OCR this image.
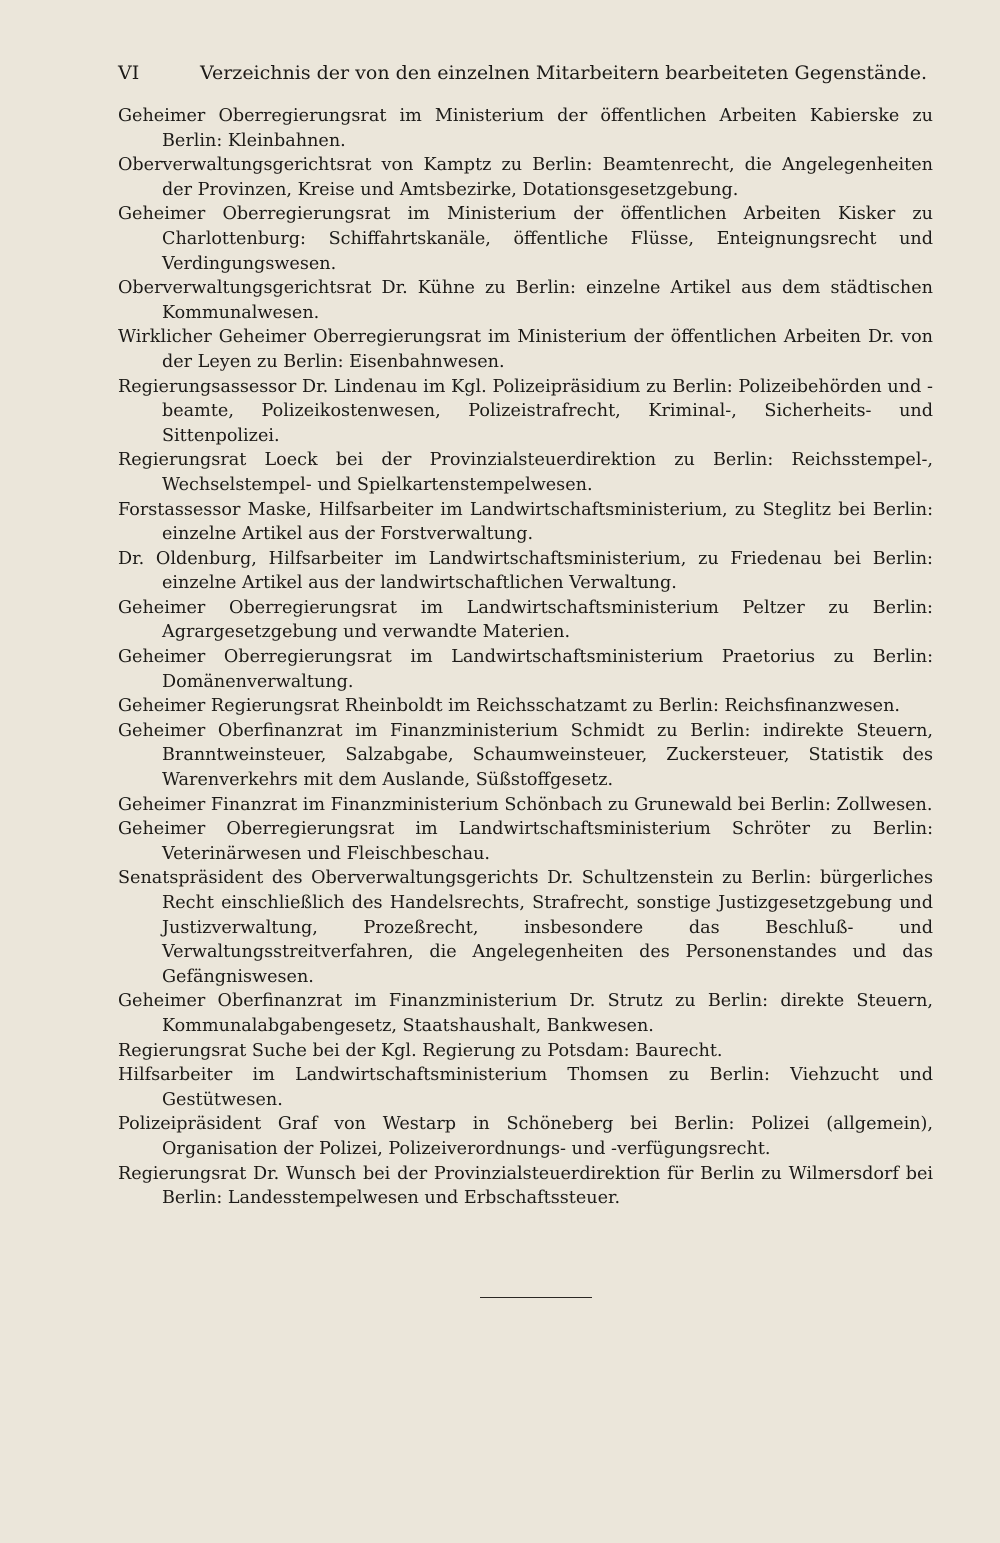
VI	Verzeichnis der von den einzelnen Mitarbeitern bearbeiteten Gegenstände.

Geheimer Oberregierungsrat im Ministerium der öffentlichen Arbeiten Kabierske zu Berlin: Kleinbahnen.

Oberverwaltungsgerichtsrat von Kamptz zu Berlin: Beamtenrecht, die Angelegenheiten der Provinzen, Kreise und Amtsbezirke, Dotationsgesetzgebung.

Geheimer Oberregierungsrat im Ministerium der öffentlichen Arbeiten Kisker zu Charlottenburg: Schiffahrtskanäle, öffentliche Flüsse, Enteignungsrecht und Verdingungswesen.

Oberverwaltungsgerichtsrat Dr. Kühne zu Berlin: einzelne Artikel aus dem städtischen Kommunalwesen.

Wirklicher Geheimer Oberregierungsrat im Ministerium der öffentlichen Arbeiten Dr. von der Leyen zu Berlin: Eisenbahnwesen.

Regierungsassessor Dr. Lindenau im Kgl. Polizeipräsidium zu Berlin: Polizeibehörden und -beamte, Polizeikostenwesen, Polizeistrafrecht, Kriminal-, Sicherheits- und Sittenpolizei.

Regierungsrat Loeck bei der Provinzialsteuerdirektion zu Berlin: Reichsstempel-, Wechselstempel- und Spielkartenstempelwesen.

Forstassessor Maske, Hilfsarbeiter im Landwirtschaftsministerium, zu Steglitz bei Berlin: einzelne Artikel aus der Forstverwaltung.

Dr. Oldenburg, Hilfsarbeiter im Landwirtschaftsministerium, zu Friedenau bei Berlin: einzelne Artikel aus der landwirtschaftlichen Verwaltung.

Geheimer Oberregierungsrat im Landwirtschaftsministerium Peltzer zu Berlin: Agrargesetzgebung und verwandte Materien.

Geheimer Oberregierungsrat im Landwirtschaftsministerium Praetorius zu Berlin: Domänenverwaltung.

Geheimer Regierungsrat Rheinboldt im Reichsschatzamt zu Berlin: Reichsfinanzwesen.

Geheimer Oberfinanzrat im Finanzministerium Schmidt zu Berlin: indirekte Steuern, Branntweinsteuer, Salzabgabe, Schaumweinsteuer, Zuckersteuer, Statistik des Warenverkehrs mit dem Auslande, Süßstoffgesetz.

Geheimer Finanzrat im Finanzministerium Schönbach zu Grunewald bei Berlin: Zollwesen.

Geheimer Oberregierungsrat im Landwirtschaftsministerium Schröter zu Berlin: Veterinärwesen und Fleischbeschau.

Senatspräsident des Oberverwaltungsgerichts Dr. Schultzenstein zu Berlin: bürgerliches Recht einschließlich des Handelsrechts, Strafrecht, sonstige Justizgesetzgebung und Justizverwaltung, Prozeßrecht, insbesondere das Beschluß- und Verwaltungsstreitverfahren, die Angelegenheiten des Personenstandes und das Gefängniswesen.

Geheimer Oberfinanzrat im Finanzministerium Dr. Strutz zu Berlin: direkte Steuern, Kommunalabgabengesetz, Staatshaushalt, Bankwesen.

Regierungsrat Suche bei der Kgl. Regierung zu Potsdam: Baurecht.

Hilfsarbeiter im Landwirtschaftsministerium Thomsen zu Berlin: Viehzucht und Gestütwesen.

Polizeipräsident Graf von Westarp in Schöneberg bei Berlin: Polizei (allgemein), Organisation der Polizei, Polizeiverordnungs- und -verfügungsrecht.

Regierungsrat Dr. Wunsch bei der Provinzialsteuerdirektion für Berlin zu Wilmersdorf bei Berlin: Landesstempelwesen und Erbschaftssteuer.
